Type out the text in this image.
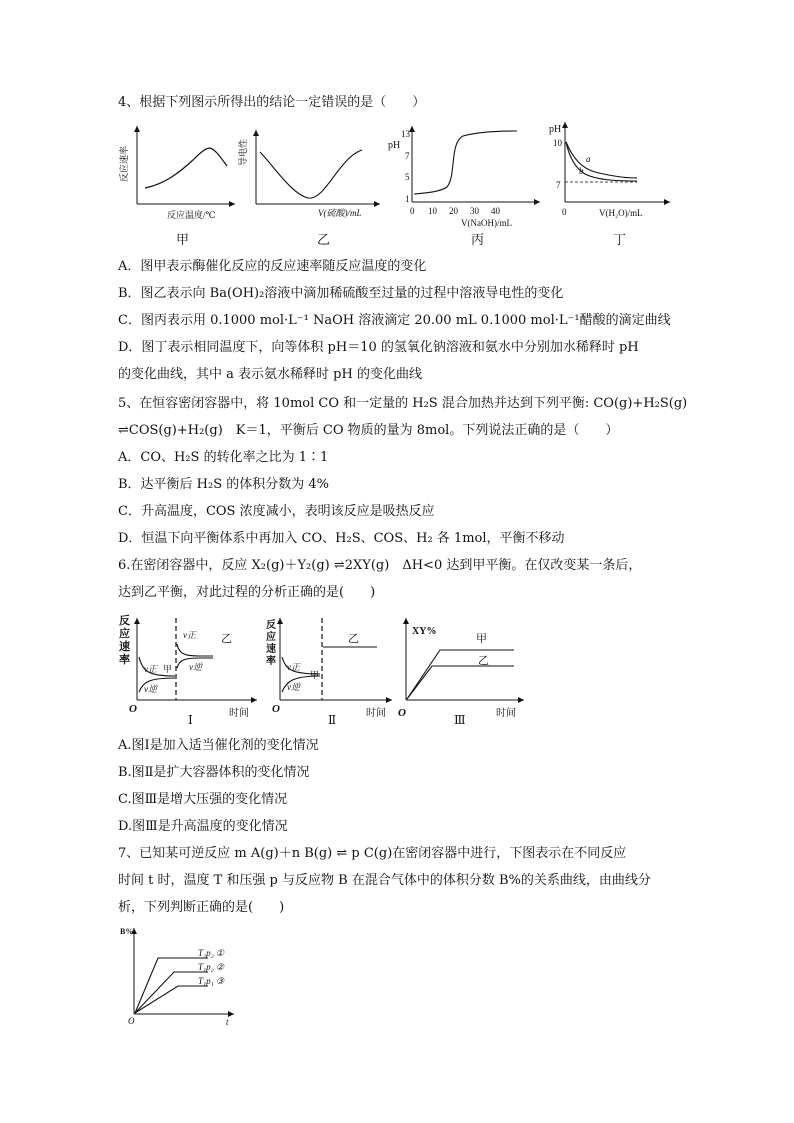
4、根据下列图示所得出的结论一定错误的是（　　）
反应速率
反应温度/℃
甲
导电性
V(硫酸)/mL
乙
pH
13
7
5
1
0 10 20 30 40
V(NaOH)/mL
丙
pH
10
7
a
b
0	V(H₂O)/mL
丁
A．图甲表示酶催化反应的反应速率随反应温度的变化
B．图乙表示向 Ba(OH)₂溶液中滴加稀硫酸至过量的过程中溶液导电性的变化
C．图丙表示用 0.1000 mol·L⁻¹ NaOH 溶液滴定 20.00 mL 0.1000 mol·L⁻¹醋酸的滴定曲线
D．图丁表示相同温度下，向等体积 pH＝10 的氢氧化钠溶液和氨水中分别加水稀释时 pH
的变化曲线，其中 a 表示氨水稀释时 pH 的变化曲线
5、在恒容密闭容器中，将 10mol CO 和一定量的 H₂S 混合加热并达到下列平衡: CO(g)+H₂S(g)
⇌COS(g)+H₂(g)　K＝1，平衡后 CO 物质的量为 8mol。下列说法正确的是（　　）
A．CO、H₂S 的转化率之比为 1∶1
B．达平衡后 H₂S 的体积分数为 4%
C．升高温度，COS 浓度减小，表明该反应是吸热反应
D．恒温下向平衡体系中再加入 CO、H₂S、COS、H₂ 各 1mol，平衡不移动
6.在密闭容器中，反应 X₂(g)＋Y₂(g) ⇌2XY(g)　ΔH<0 达到甲平衡。在仅改变某一条后，
达到乙平衡，对此过程的分析正确的是(　　)
反
应
速
率
v正
v逆
甲
v正
v逆
乙
O	时间
Ⅰ
反
应
速
率 v正
v逆
甲
乙
O	时间
Ⅱ
XY%
甲
乙
O	时间
Ⅲ
A.图Ⅰ是加入适当催化剂的变化情况
B.图Ⅱ是扩大容器体积的变化情况
C.图Ⅲ是增大压强的变化情况
D.图Ⅲ是升高温度的变化情况
7、已知某可逆反应 m A(g)＋n B(g) ⇌ p C(g)在密闭容器中进行，下图表示在不同反应
时间 t 时，温度 T 和压强 p 与反应物 B 在混合气体中的体积分数 B%的关系曲线，由曲线分
析，下列判断正确的是(　　)
B%
T₂p₂ ①
T₁p₂ ②
T₁p₁ ③
O	t
